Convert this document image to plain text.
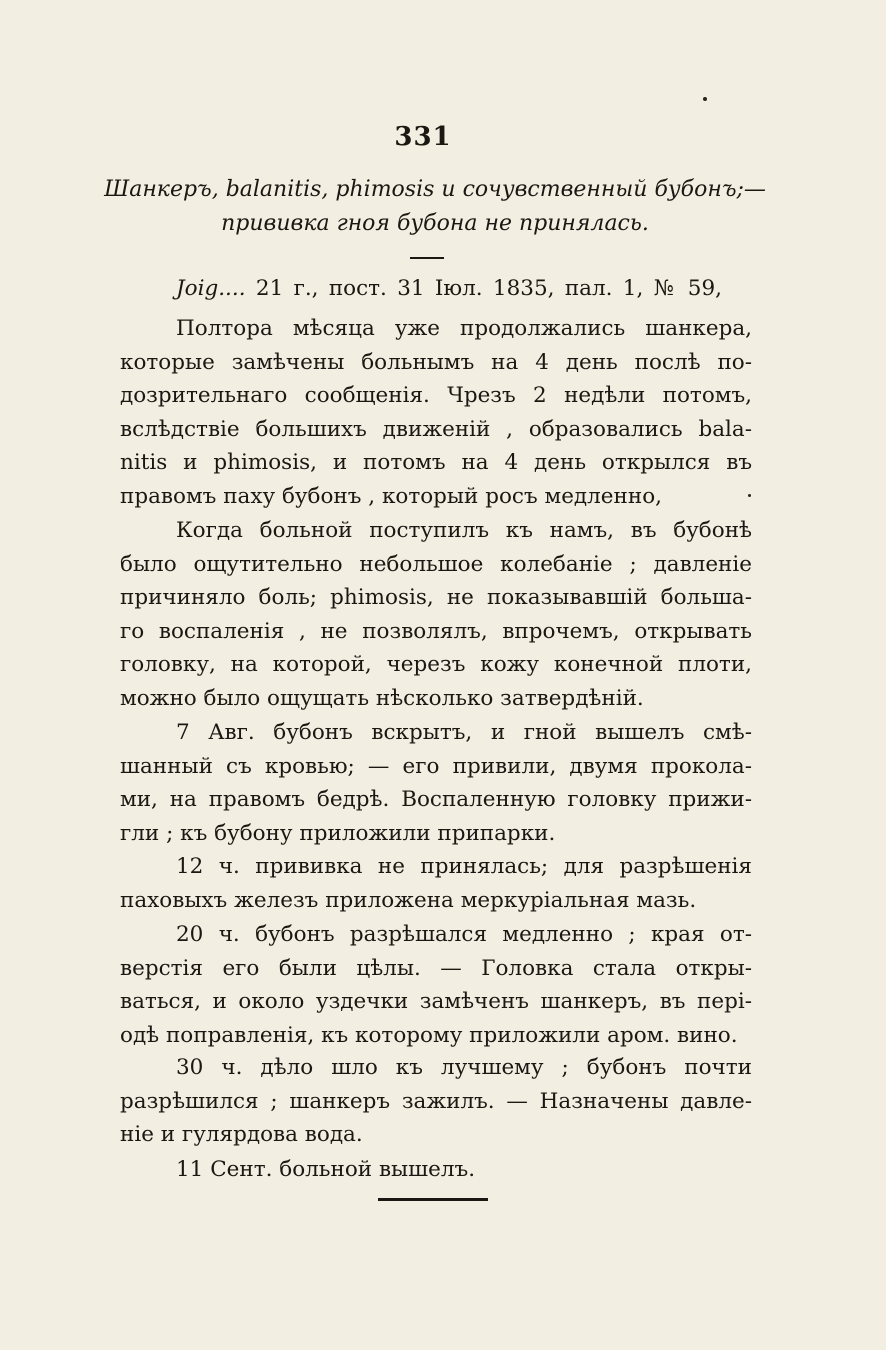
331
Шанкеръ, balanitis, phimosis и сочувственный бубонъ;—
прививка гноя бубона не принялась.
Joig.... 21 г., пост. 31 Іюл. 1835, пал. 1, № 59,
Полтора мѣсяца уже продолжались шанкера,
которые замѣчены больнымъ на 4 день послѣ по-
дозрительнаго сообщенія. Чрезъ 2 недѣли потомъ,
вслѣдствіе большихъ движеній , образовались bala-
nitis и phimosis, и потомъ на 4 день открылся въ
правомъ паху бубонъ , который росъ медленно,
Когда больной поступилъ къ намъ, въ бубонѣ
было ощутительно небольшое колебаніе ; давленіе
причиняло боль; phimosis, не показывавшій больша-
го воспаленія , не позволялъ, впрочемъ, открывать
головку, на которой, черезъ кожу конечной плоти,
можно было ощущать нѣсколько затвердѣній.
7 Авг. бубонъ вскрытъ, и гной вышелъ смѣ-
шанный съ кровью; — его привили, двумя прокола-
ми, на правомъ бедрѣ. Воспаленную головку прижи-
гли ; къ бубону приложили припарки.
12 ч. прививка не принялась; для разрѣшенія
паховыхъ железъ приложена меркуріальная мазь.
20 ч. бубонъ разрѣшался медленно ; края от-
верстія его были цѣлы. — Головка стала откры-
ваться, и около уздечки замѣченъ шанкеръ, въ пері-
одѣ поправленія, къ которому приложили аром. вино.
30 ч. дѣло шло къ лучшему ; бубонъ почти
разрѣшился ; шанкеръ зажилъ. — Назначены давле-
ніе и гулярдова вода.
11 Сент. больной вышелъ.
